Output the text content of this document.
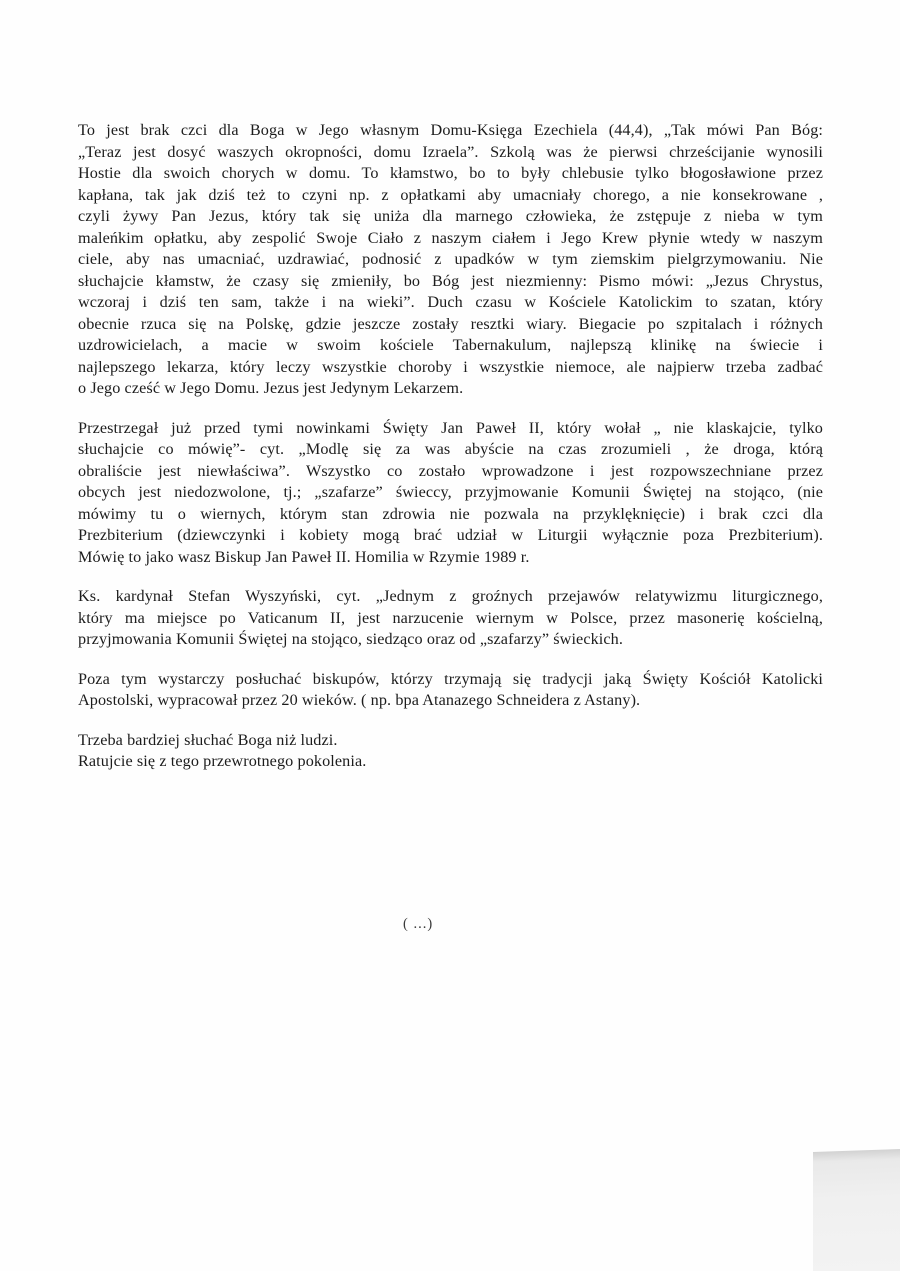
To jest brak czci dla Boga w Jego własnym Domu-Księga Ezechiela (44,4), „Tak mówi Pan Bóg:
„Teraz jest dosyć waszych okropności, domu Izraela”. Szkolą was że pierwsi chrześcijanie wynosili
Hostie dla swoich chorych w domu. To kłamstwo, bo to były chlebusie tylko błogosławione przez
kapłana, tak jak dziś też to czyni np. z opłatkami aby umacniały chorego, a nie konsekrowane ,
czyli żywy Pan Jezus, który tak się uniża dla marnego człowieka, że zstępuje z nieba w tym
maleńkim opłatku, aby zespolić Swoje Ciało z naszym ciałem i Jego Krew płynie wtedy w naszym
ciele, aby nas umacniać, uzdrawiać, podnosić z upadków w tym ziemskim pielgrzymowaniu. Nie
słuchajcie kłamstw, że czasy się zmieniły, bo Bóg jest niezmienny: Pismo mówi: „Jezus Chrystus,
wczoraj i dziś ten sam, także i na wieki”. Duch czasu w Kościele Katolickim to szatan, który
obecnie rzuca się na Polskę, gdzie jeszcze zostały resztki wiary. Biegacie po szpitalach i różnych
uzdrowicielach, a macie w swoim kościele Tabernakulum, najlepszą klinikę na świecie i
najlepszego lekarza, który leczy wszystkie choroby i wszystkie niemoce, ale najpierw trzeba zadbać
o Jego cześć w Jego Domu. Jezus jest Jedynym Lekarzem.
Przestrzegał już przed tymi nowinkami Święty Jan Paweł II, który wołał „ nie klaskajcie, tylko
słuchajcie co mówię”- cyt. „Modlę się za was abyście na czas zrozumieli , że droga, którą
obraliście jest niewłaściwa”. Wszystko co zostało wprowadzone i jest rozpowszechniane przez
obcych jest niedozwolone, tj.; „szafarze” świeccy, przyjmowanie Komunii Świętej na stojąco, (nie
mówimy tu o wiernych, którym stan zdrowia nie pozwala na przyklęknięcie) i brak czci dla
Prezbiterium (dziewczynki i kobiety mogą brać udział w Liturgii wyłącznie poza Prezbiterium).
Mówię to jako wasz Biskup Jan Paweł II. Homilia w Rzymie 1989 r.
Ks. kardynał Stefan Wyszyński, cyt. „Jednym z groźnych przejawów relatywizmu liturgicznego,
który ma miejsce po Vaticanum II, jest narzucenie wiernym w Polsce, przez masonerię kościelną,
przyjmowania Komunii Świętej na stojąco, siedząco oraz od „szafarzy” świeckich.
Poza tym wystarczy posłuchać biskupów, którzy trzymają się tradycji jaką Święty Kościół Katolicki
Apostolski, wypracował przez 20 wieków. ( np. bpa Atanazego Schneidera z Astany).
Trzeba bardziej słuchać Boga niż ludzi.
Ratujcie się z tego przewrotnego pokolenia.
( ...)
